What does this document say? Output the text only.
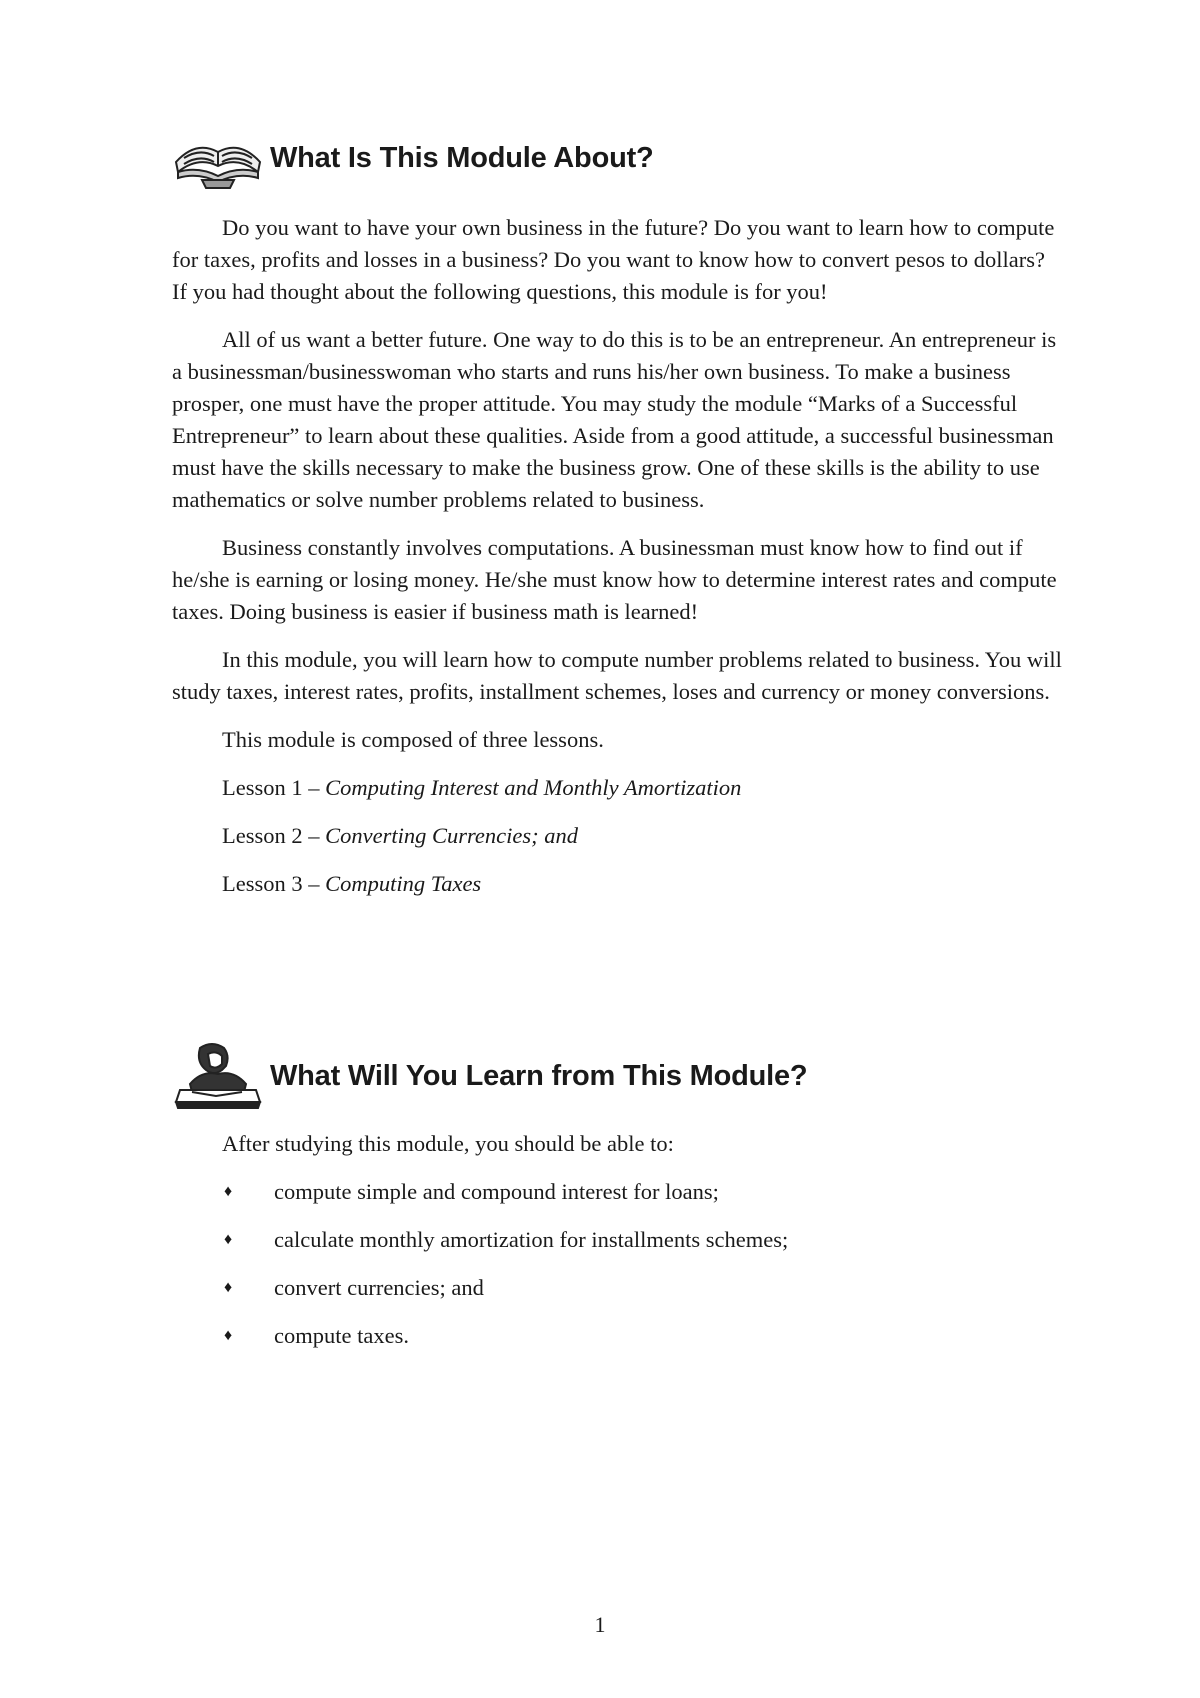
What Is This Module About?

Do you want to have your own business in the future? Do you want to learn how to compute for taxes, profits and losses in a business? Do you want to know how to convert pesos to dollars? If you had thought about the following questions, this module is for you!

All of us want a better future. One way to do this is to be an entrepreneur. An entrepreneur is a businessman/businesswoman who starts and runs his/her own business. To make a business prosper, one must have the proper attitude. You may study the module “Marks of a Successful Entrepreneur” to learn about these qualities. Aside from a good attitude, a successful businessman must have the skills necessary to make the business grow. One of these skills is the ability to use mathematics or solve number problems related to business.

Business constantly involves computations. A businessman must know how to find out if he/she is earning or losing money. He/she must know how to determine interest rates and compute taxes. Doing business is easier if business math is learned!

In this module, you will learn how to compute number problems related to business. You will study taxes, interest rates, profits, installment schemes, loses and currency or money conversions.

This module is composed of three lessons.

Lesson 1 – Computing Interest and Monthly Amortization
Lesson 2 – Converting Currencies; and
Lesson 3 – Computing Taxes
What Will You Learn from This Module?

After studying this module, you should be able to:

♦	compute simple and compound interest for loans;
♦	calculate monthly amortization for installments schemes;
♦	convert currencies; and
♦	compute taxes.
1
